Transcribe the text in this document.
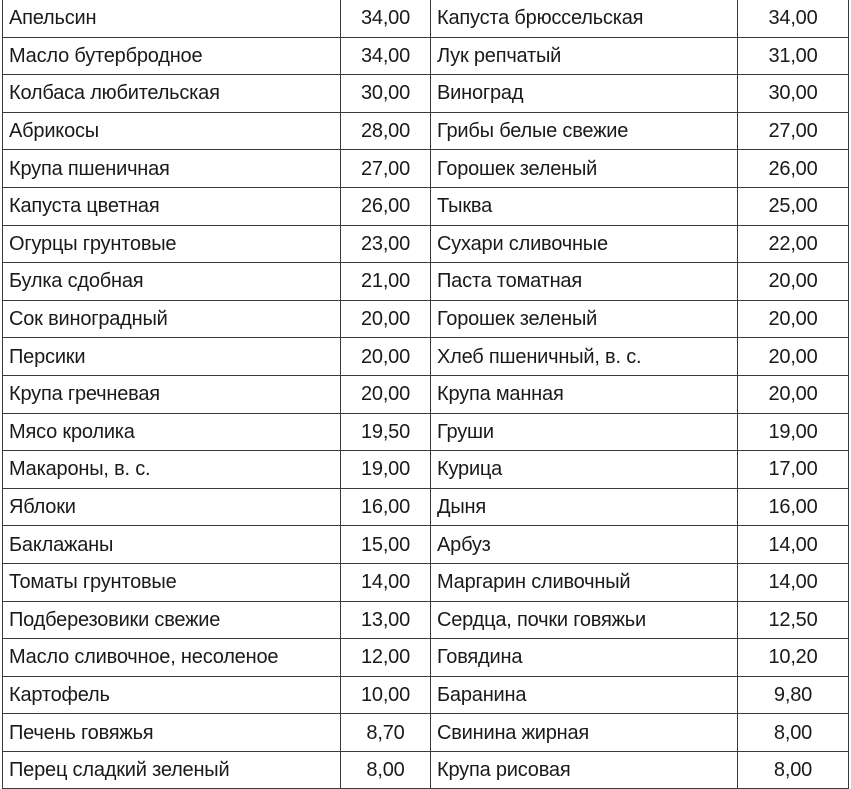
Апельсин	34,00	Капуста брюссельская	34,00
Масло бутербродное	34,00	Лук репчатый	31,00
Колбаса любительская	30,00	Виноград	30,00
Абрикосы	28,00	Грибы белые свежие	27,00
Крупа пшеничная	27,00	Горошек зеленый	26,00
Капуста цветная	26,00	Тыква	25,00
Огурцы грунтовые	23,00	Сухари сливочные	22,00
Булка сдобная	21,00	Паста томатная	20,00
Сок виноградный	20,00	Горошек зеленый	20,00
Персики	20,00	Хлеб пшеничный, в. с.	20,00
Крупа гречневая	20,00	Крупа манная	20,00
Мясо кролика	19,50	Груши	19,00
Макароны, в. с.	19,00	Курица	17,00
Яблоки	16,00	Дыня	16,00
Баклажаны	15,00	Арбуз	14,00
Томаты грунтовые	14,00	Маргарин сливочный	14,00
Подберезовики свежие	13,00	Сердца, почки говяжьи	12,50
Масло сливочное, несоленое	12,00	Говядина	10,20
Картофель	10,00	Баранина	9,80
Печень говяжья	8,70	Свинина жирная	8,00
Перец сладкий зеленый	8,00	Крупа рисовая	8,00
